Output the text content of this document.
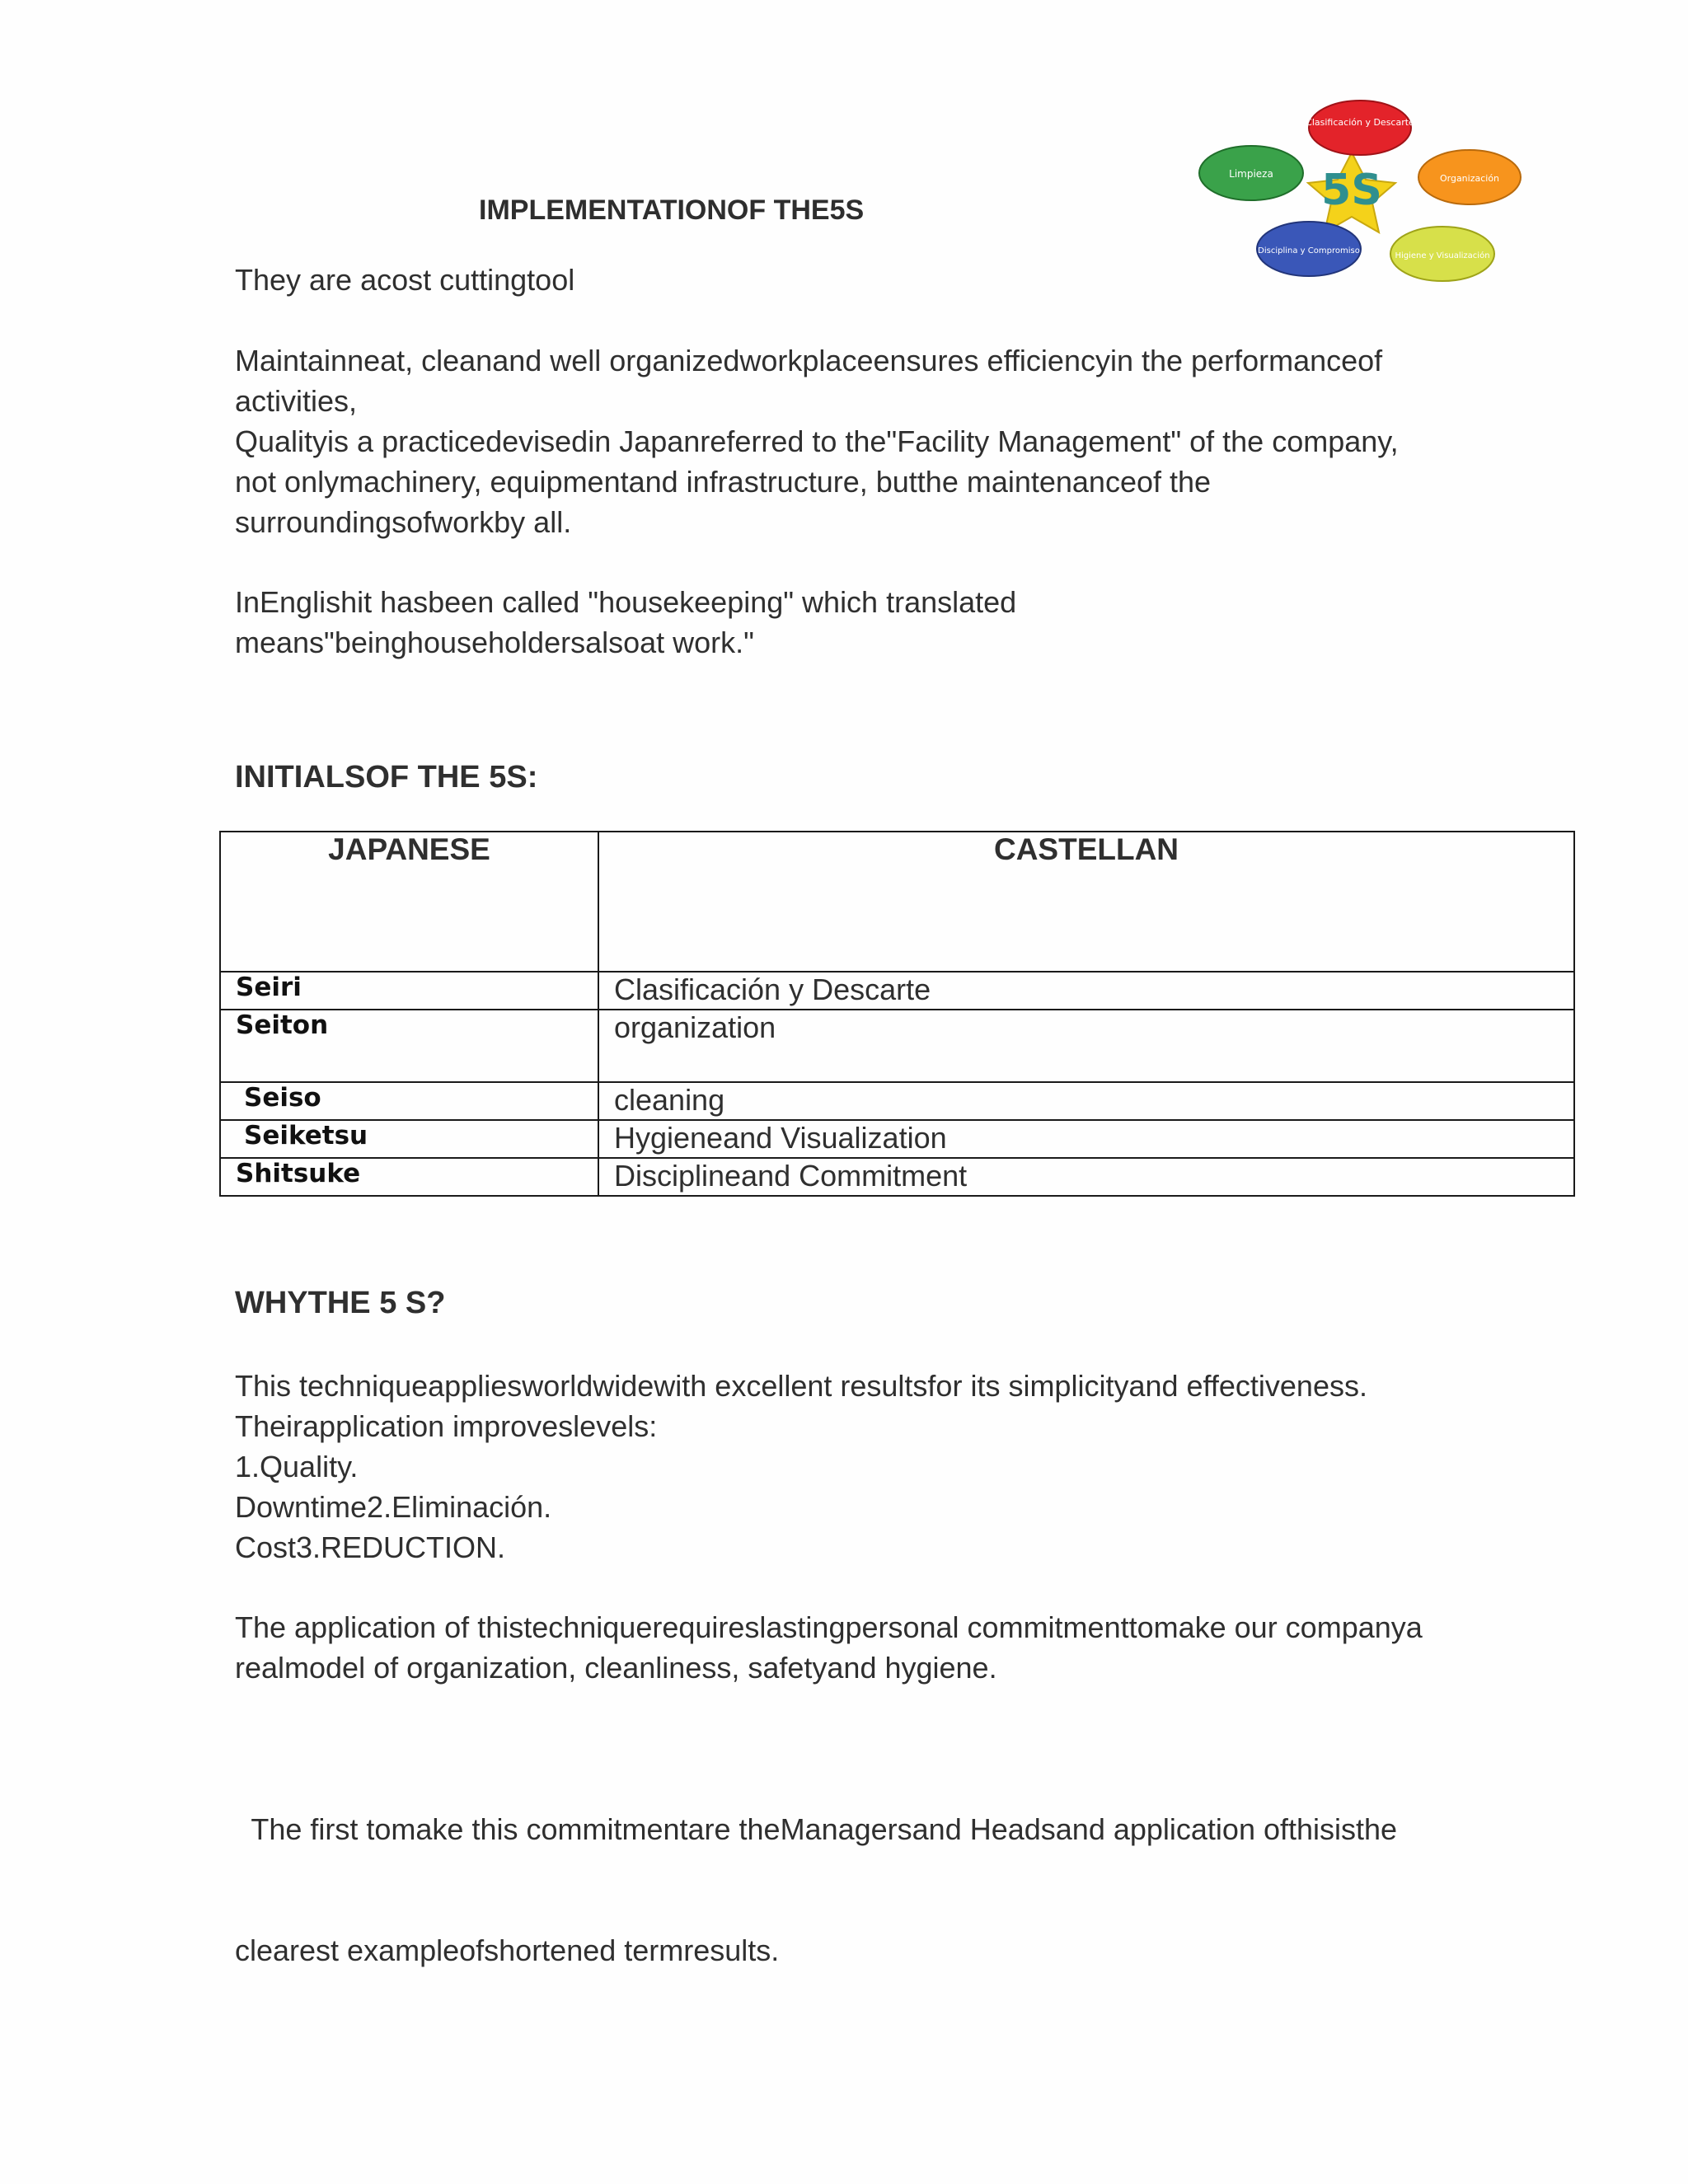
5S
Clasificación y Descarte
Organización
Higiene y Visualización
Disciplina y Compromiso
Limpieza
IMPLEMENTATIONOF THE5S
They are acost cuttingtool
Maintainneat, cleanand well organizedworkplaceensures efficiencyin the performanceof
activities,
Qualityis a practicedevisedin Japanreferred to the"Facility Management" of the company,
not onlymachinery, equipmentand infrastructure, butthe maintenanceof the
surroundingsofworkby all.
InEnglishit hasbeen called "housekeeping" which translated
means"beinghouseholdersalsoat work."
INITIALSOF THE 5S:
JAPANESE	CASTELLAN
Seiri	Clasificación y Descarte
Seiton	organization
Seiso	cleaning
Seiketsu	Hygieneand Visualization
Shitsuke	Disciplineand Commitment
WHYTHE 5 S?
This techniqueappliesworldwidewith excellent resultsfor its simplicityand effectiveness.
Theirapplication improveslevels:
1.Quality.
Downtime2.Eliminación.
Cost3.REDUCTION.
The application of thistechniquerequireslastingpersonal commitmenttomake our companya
realmodel of organization, cleanliness, safetyand hygiene.

The first tomake this commitmentare theManagersand Headsand application ofthisisthe

clearest exampleofshortened termresults.
